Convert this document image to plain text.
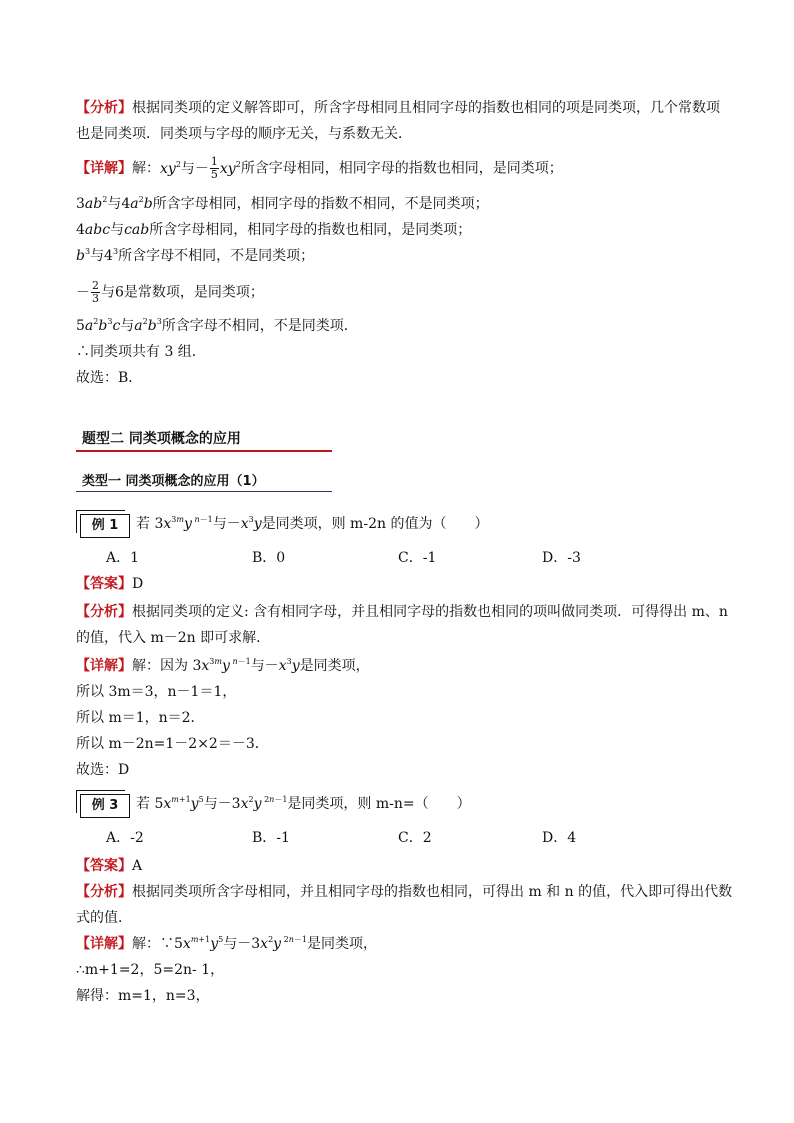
【分析】根据同类项的定义解答即可，所含字母相同且相同字母的指数也相同的项是同类项，几个常数项
也是同类项．同类项与字母的顺序无关，与系数无关．
【详解】解：$xy^2$与－ $\frac{1}{5} xy^2$所含字母相同，相同字母的指数也相同，是同类项；
$3ab^2$与$4a^2b$所含字母相同，相同字母的指数不相同，不是同类项；
4abc与cab所含字母相同，相同字母的指数也相同，是同类项；
$b^3$与$4^3$所含字母不相同，不是同类项；
－ $\frac{2}{3}$ 与6是常数项，是同类项；
$5a^2b^3c$与$a^2b^3$所含字母不相同，不是同类项．
∴同类项共有 3 组．
故选：B．
题型二 同类项概念的应用
类型一 同类项概念的应用（1）
例 1	若 $3x^{3m}y$ $^{n-1}$与$-x^3y$是同类项，则 m-2n 的值为（　　）
A．1	B．0	C．-1	D．-3
【答案】D
【分析】根据同类项的定义: 含有相同字母，并且相同字母的指数也相同的项叫做同类项．可得得出 m、n
的值，代入 m－2n 即可求解．
【详解】解：因为 $3x^{3m}y$ $^{n-1}$与$-x^3y$是同类项，
所以 3m＝3，n－1＝1，
所以 m＝1，n＝2．
所以 m－2n=1－2×2＝－3．
故选：D
例 3	若 $5x^{m+1}y^5$与$-3x^2y$ $^{2n-1}$是同类项，则 m-n=（　　）
A．-2	B．-1	C．2	D．4
【答案】A
【分析】根据同类项所含字母相同，并且相同字母的指数也相同，可得出 m 和 n 的值，代入即可得出代数
式的值．
【详解】解：$\because 5x^{m+1}y^5$与$-3x^2y$ $^{2n-1}$是同类项，
∴m+1=2，5=2n- 1，
解得：m=1，n=3，
